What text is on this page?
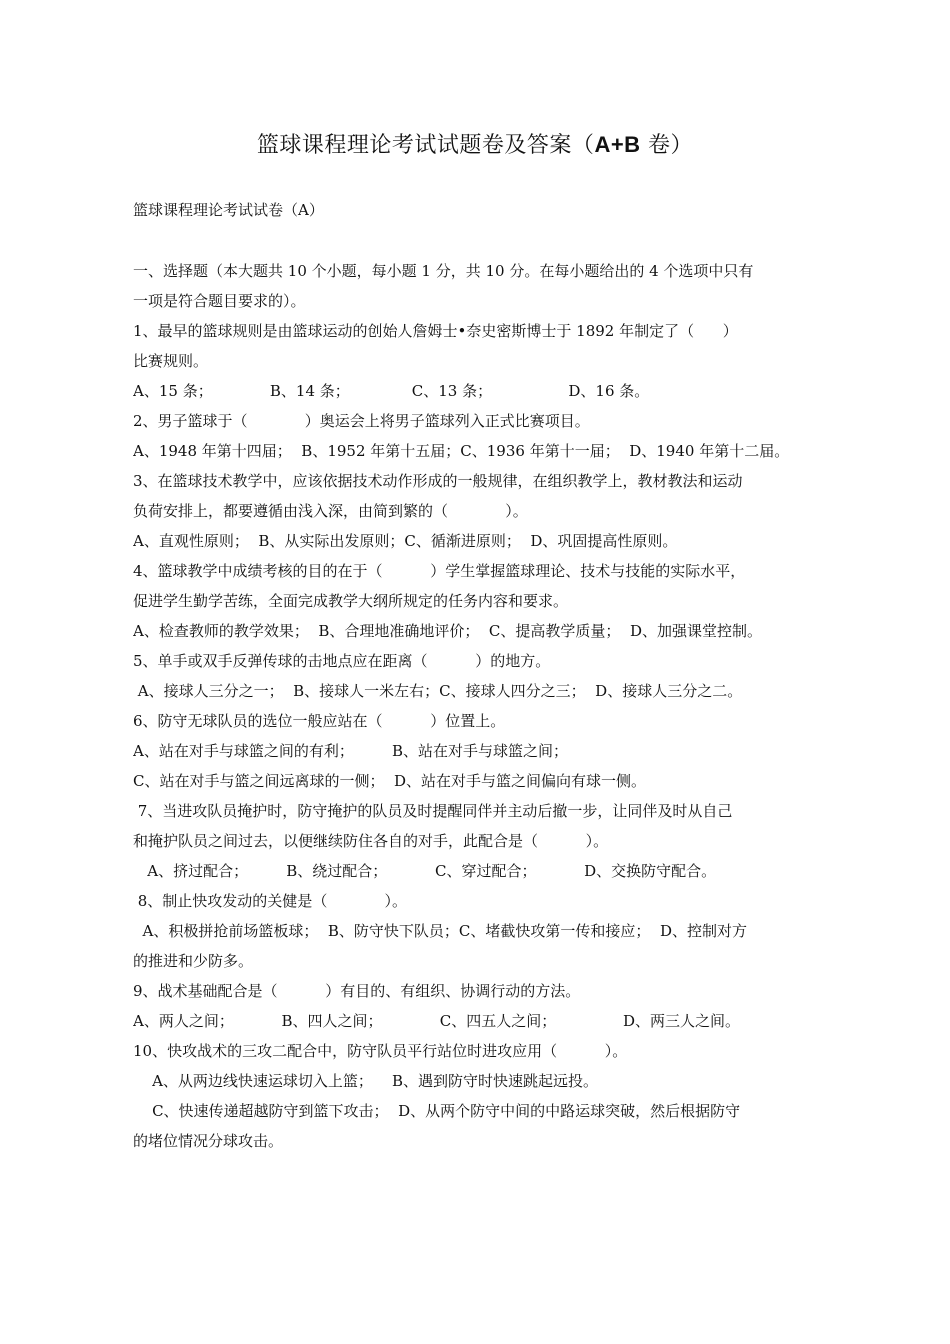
篮球课程理论考试试题卷及答案（A+B 卷）
篮球课程理论考试试卷（A）
一、选择题（本大题共 10 个小题，每小题 1 分，共 10 分。在每小题给出的 4 个选项中只有
一项是符合题目要求的）。
1、最早的篮球规则是由篮球运动的创始人詹姆士•奈史密斯博士于 1892 年制定了（      ）
比赛规则。
A、15 条；            B、14 条；             C、13 条；                D、16 条。
2、男子篮球于（            ）奥运会上将男子篮球列入正式比赛项目。
A、1948 年第十四届；  B、1952 年第十五届；C、1936 年第十一届；  D、1940 年第十二届。
3、在篮球技术教学中，应该依据技术动作形成的一般规律，在组织教学上，教材教法和运动
负荷安排上，都要遵循由浅入深，由简到繁的（            ）。
A、直观性原则；  B、从实际出发原则；C、循渐进原则；  D、巩固提高性原则。
4、篮球教学中成绩考核的目的在于（          ）学生掌握篮球理论、技术与技能的实际水平，
促进学生勤学苦练，全面完成教学大纲所规定的任务内容和要求。
A、检查教师的教学效果；  B、合理地准确地评价；  C、提高教学质量；  D、加强课堂控制。
5、单手或双手反弹传球的击地点应在距离（          ）的地方。
A、接球人三分之一；  B、接球人一米左右；C、接球人四分之三；  D、接球人三分之二。
6、防守无球队员的选位一般应站在（          ）位置上。
A、站在对手与球篮之间的有利；        B、站在对手与球篮之间；
C、站在对手与篮之间远离球的一侧；  D、站在对手与篮之间偏向有球一侧。
7、当进攻队员掩护时，防守掩护的队员及时提醒同伴并主动后撤一步，让同伴及时从自己
和掩护队员之间过去，以便继续防住各自的对手，此配合是（          ）。
A、挤过配合；        B、绕过配合；          C、穿过配合；          D、交换防守配合。
8、制止快攻发动的关健是（            ）。
A、积极拼抢前场篮板球；  B、防守快下队员；C、堵截快攻第一传和接应；  D、控制对方
的推进和少防多。
9、战术基础配合是（          ）有目的、有组织、协调行动的方法。
A、两人之间；          B、四人之间；            C、四五人之间；              D、两三人之间。
10、快攻战术的三攻二配合中，防守队员平行站位时进攻应用（          ）。
A、从两边线快速运球切入上篮；    B、遇到防守时快速跳起远投。
C、快速传递超越防守到篮下攻击；  D、从两个防守中间的中路运球突破，然后根据防守
的堵位情况分球攻击。
